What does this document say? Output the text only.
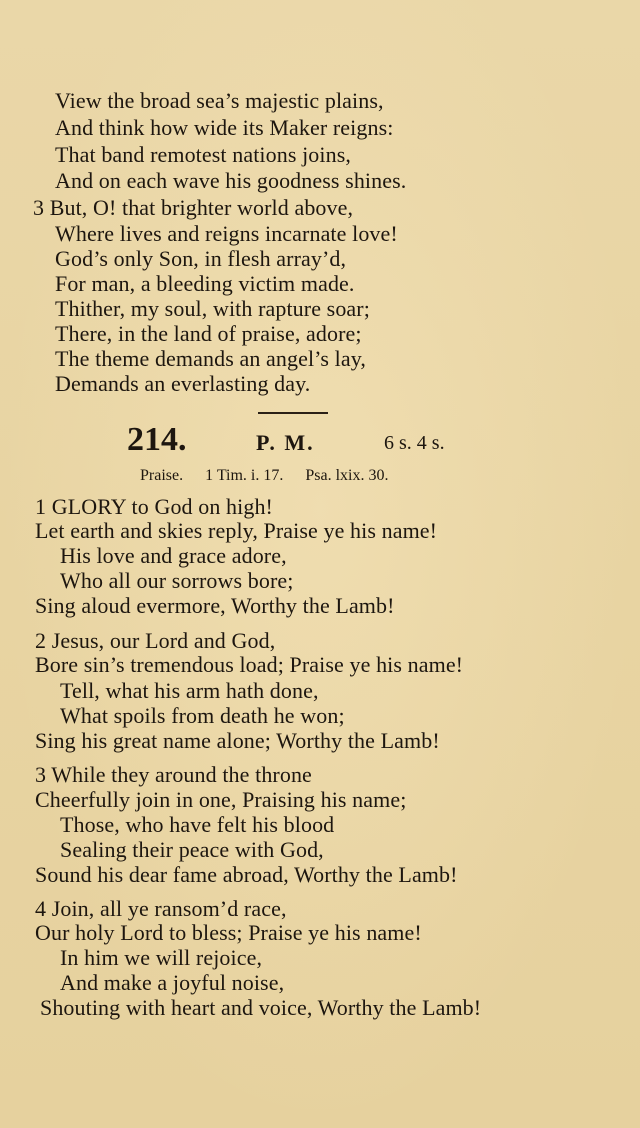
View the broad sea’s majestic plains,
And think how wide its Maker reigns:
That band remotest nations joins,
And on each wave his goodness shines.
3 But, O! that brighter world above,
Where lives and reigns incarnate love!
God’s only Son, in flesh array’d,
For man, a bleeding victim made.
Thither, my soul, with rapture soar;
There, in the land of praise, adore;
The theme demands an angel’s lay,
Demands an everlasting day.
214.	P. M.	6 s. 4 s.
Praise. 1 Tim. i. 17. Psa. lxix. 30.
1 GLORY to God on high!
Let earth and skies reply, Praise ye his name!
His love and grace adore,
Who all our sorrows bore;
Sing aloud evermore, Worthy the Lamb!
2 Jesus, our Lord and God,
Bore sin’s tremendous load; Praise ye his name!
Tell, what his arm hath done,
What spoils from death he won;
Sing his great name alone; Worthy the Lamb!
3 While they around the throne
Cheerfully join in one, Praising his name;
Those, who have felt his blood
Sealing their peace with God,
Sound his dear fame abroad, Worthy the Lamb!
4 Join, all ye ransom’d race,
Our holy Lord to bless; Praise ye his name!
In him we will rejoice,
And make a joyful noise,
Shouting with heart and voice, Worthy the Lamb!
